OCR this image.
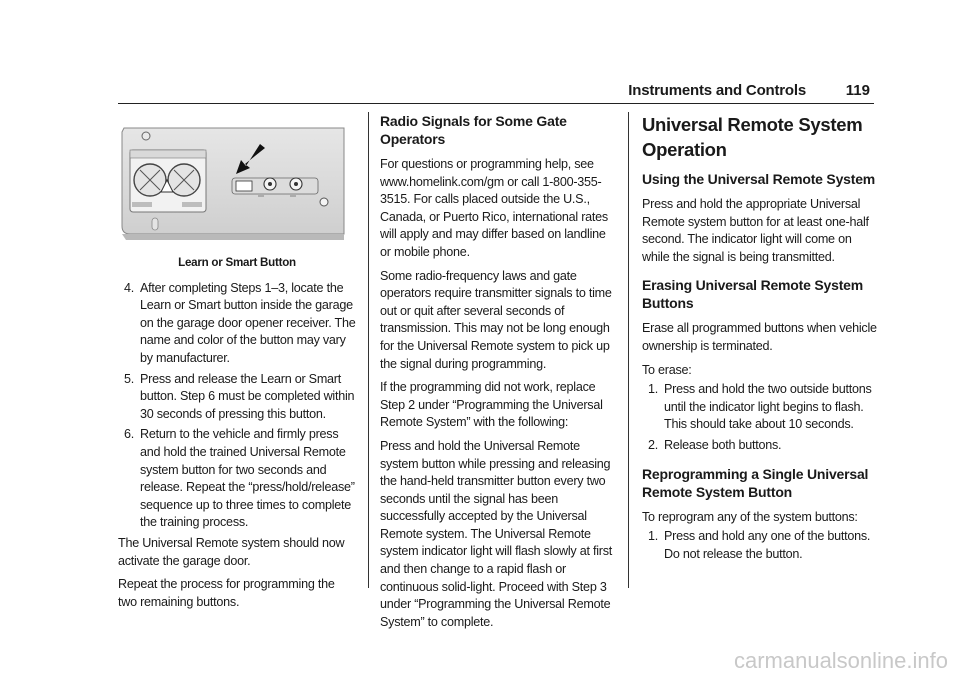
Instruments and Controls	119
Learn or Smart Button
4. After completing Steps 1–3, locate the Learn or Smart button inside the garage on the garage door opener receiver. The name and color of the button may vary by manufacturer.
5. Press and release the Learn or Smart button. Step 6 must be completed within 30 seconds of pressing this button.
6. Return to the vehicle and firmly press and hold the trained Universal Remote system button for two seconds and release. Repeat the “press/hold/release” sequence up to three times to complete the training process.

The Universal Remote system should now activate the garage door.

Repeat the process for programming the two remaining buttons.

Radio Signals for Some Gate Operators

For questions or programming help, see www.homelink.com/gm or call 1-800-355-3515. For calls placed outside the U.S., Canada, or Puerto Rico, international rates will apply and may differ based on landline or mobile phone.

Some radio-frequency laws and gate operators require transmitter signals to time out or quit after several seconds of transmission. This may not be long enough for the Universal Remote system to pick up the signal during programming.

If the programming did not work, replace Step 2 under “Programming the Universal Remote System” with the following:

Press and hold the Universal Remote system button while pressing and releasing the hand-held transmitter button every two seconds until the signal has been successfully accepted by the Universal Remote system. The Universal Remote system indicator light will flash slowly at first and then change to a rapid flash or continuous solid-light. Proceed with Step 3 under “Programming the Universal Remote System” to complete.

Universal Remote System Operation
Using the Universal Remote System

Press and hold the appropriate Universal Remote system button for at least one-half second. The indicator light will come on while the signal is being transmitted.

Erasing Universal Remote System Buttons

Erase all programmed buttons when vehicle ownership is terminated.

To erase:

1. Press and hold the two outside buttons until the indicator light begins to flash. This should take about 10 seconds.
2. Release both buttons.
Reprogramming a Single Universal Remote System Button

To reprogram any of the system buttons:

1. Press and hold any one of the buttons. Do not release the button.
carmanualsonline.info
